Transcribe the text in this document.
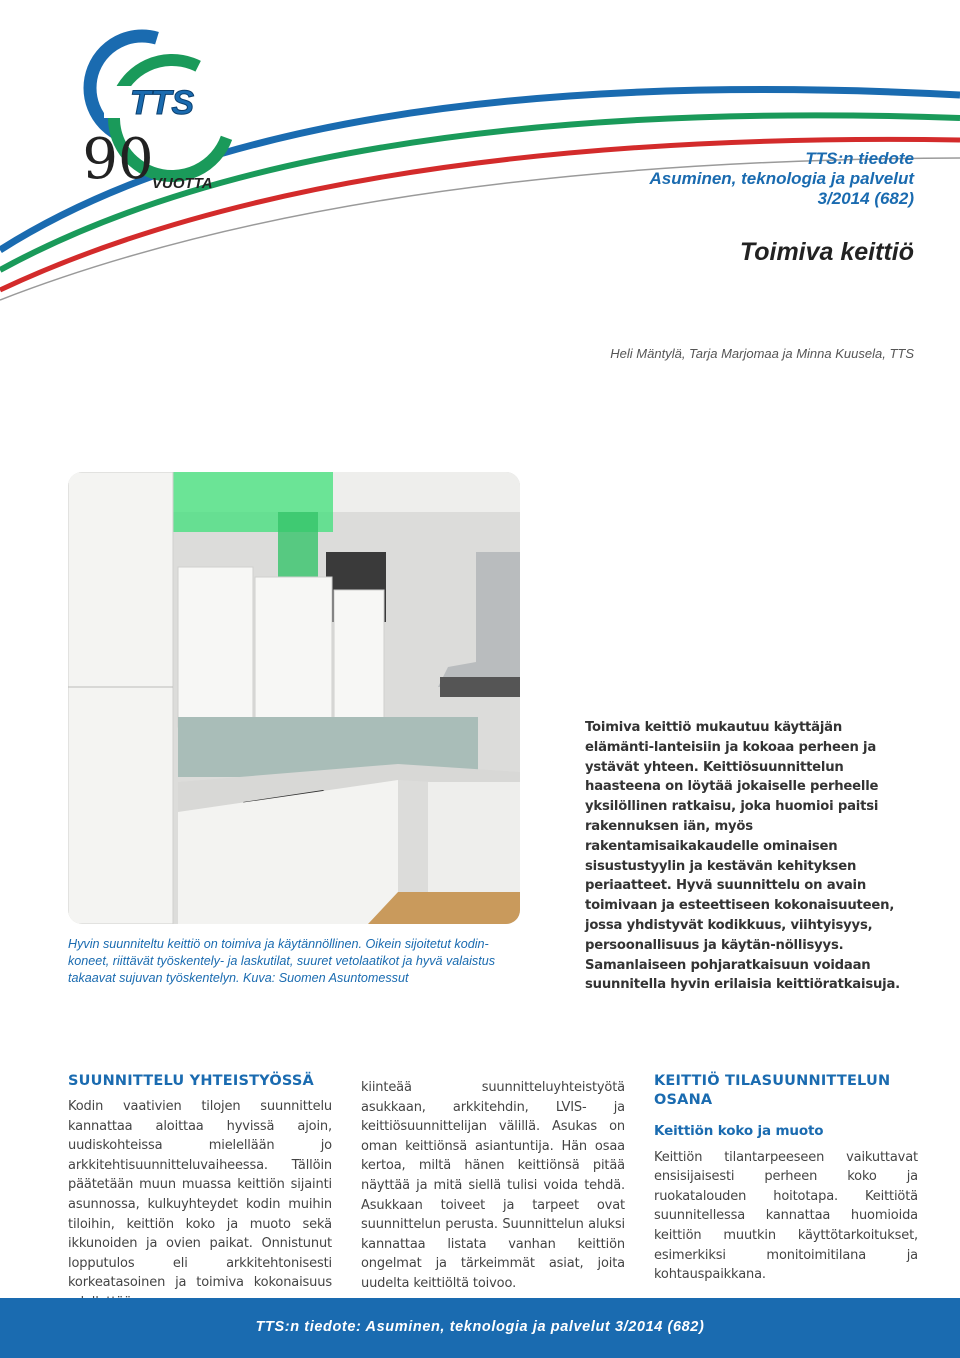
TTS
90
VUOTTA
TTS:n tiedote
Asuminen, teknologia ja palvelut
3/2014 (682)
Toimiva keittiö
Heli Mäntylä, Tarja Marjomaa ja Minna Kuusela, TTS
Hyvin suunniteltu keittiö on toimiva ja käytännöllinen. Oikein sijoitetut kodin-koneet, riittävät työskentely- ja laskutilat, suuret vetolaatikot ja hyvä valaistus takaavat sujuvan työskentelyn. Kuva: Suomen Asuntomessut
Toimiva keittiö mukautuu käyttäjän elämänti-lanteisiin ja kokoaa perheen ja ystävät yhteen. Keittiösuunnittelun haasteena on löytää jokaiselle perheelle yksilöllinen ratkaisu, joka huomioi paitsi rakennuksen iän, myös rakentamisaikakaudelle ominaisen sisustustyylin ja kestävän kehityksen periaatteet. Hyvä suunnittelu on avain toimivaan ja esteettiseen kokonaisuuteen, jossa yhdistyvät kodikkuus, viihtyisyys, persoonallisuus ja käytän-nöllisyys. Samanlaiseen pohjaratkaisuun voidaan suunnitella hyvin erilaisia keittiöratkaisuja.
SUUNNITTELU YHTEISTYÖSSÄ
Kodin vaativien tilojen suunnittelu kannattaa aloittaa hyvissä ajoin, uudiskohteissa mielellään jo arkkitehtisuunnitteluvaiheessa. Tällöin päätetään muun muassa keittiön sijainti asunnossa, kulkuyhteydet kodin muihin tiloihin, keittiön koko ja muoto sekä ikkunoiden ja ovien paikat. Onnistunut lopputulos eli arkkitehtonisesti korkeatasoinen ja toimiva kokonaisuus
kiinteää suunnitteluyhteistyötä asukkaan, arkkitehdin, LVIS- ja keittiösuunnittelijan välillä. Asukas on oman keittiönsä asiantuntija. Hän osaa kertoa, miltä hänen keittiönsä pitää näyttää ja mitä siellä tulisi voida tehdä. Asukkaan toiveet ja tarpeet ovat suunnittelun perusta. Suunnittelun aluksi kannattaa listata vanhan keittiön ongelmat ja tärkeimmät asiat, joita uudelta keittiöltä toivoo.
KEITTIÖ TILASUUNNITTELUN OSANA
Keittiön koko ja muoto
Keittiön tilantarpeeseen vaikuttavat ensisijaisesti perheen koko ja ruokatalouden hoitotapa. Keittiötä suunnitellessa kannattaa huomioida keittiön muutkin käyttötarkoitukset, esimerkiksi monitoimitilana ja kohtauspaikkana.
TTS:n tiedote: Asuminen, teknologia ja palvelut 3/2014 (682)
